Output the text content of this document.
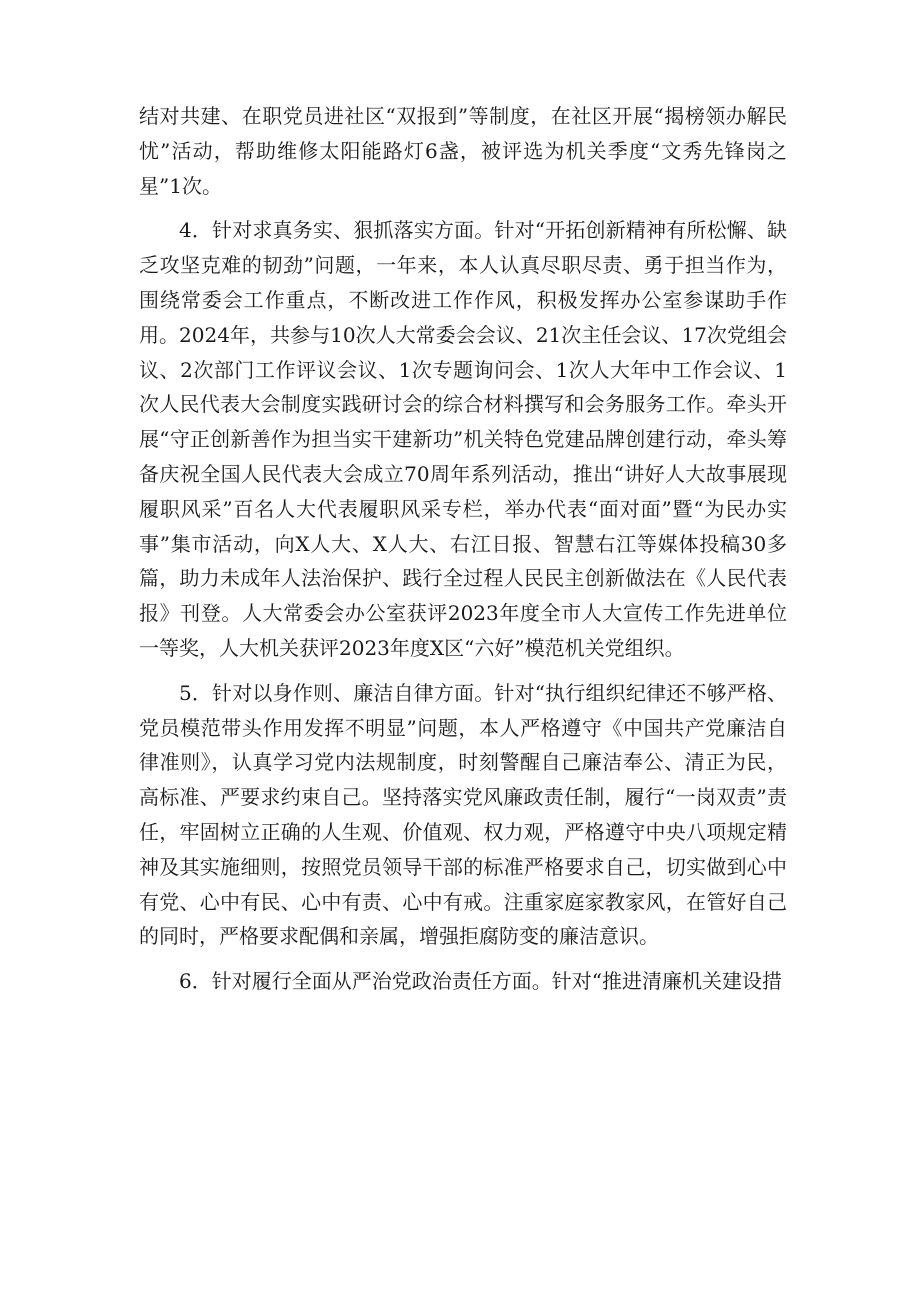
结对共建、在职党员进社区“双报到”等制度，在社区开展“揭榜领办解民忧”活动，帮助维修太阳能路灯6盏，被评选为机关季度“文秀先锋岗之星”1次。

4．针对求真务实、狠抓落实方面。针对“开拓创新精神有所松懈、缺乏攻坚克难的韧劲”问题，一年来，本人认真尽职尽责、勇于担当作为，围绕常委会工作重点，不断改进工作作风，积极发挥办公室参谋助手作用。2024年，共参与10次人大常委会会议、21次主任会议、17次党组会议、2次部门工作评议会议、1次专题询问会、1次人大年中工作会议、1次人民代表大会制度实践研讨会的综合材料撰写和会务服务工作。牵头开展“守正创新善作为担当实干建新功”机关特色党建品牌创建行动，牵头筹备庆祝全国人民代表大会成立70周年系列活动，推出“讲好人大故事展现履职风采”百名人大代表履职风采专栏，举办代表“面对面”暨“为民办实事”集市活动，向X人大、X人大、右江日报、智慧右江等媒体投稿30多篇，助力未成年人法治保护、践行全过程人民民主创新做法在《人民代表报》刊登。人大常委会办公室获评2023年度全市人大宣传工作先进单位一等奖，人大机关获评2023年度X区“六好”模范机关党组织。

5．针对以身作则、廉洁自律方面。针对“执行组织纪律还不够严格、党员模范带头作用发挥不明显”问题，本人严格遵守《中国共产党廉洁自律准则》，认真学习党内法规制度，时刻警醒自己廉洁奉公、清正为民，高标准、严要求约束自己。坚持落实党风廉政责任制，履行“一岗双责”责任，牢固树立正确的人生观、价值观、权力观，严格遵守中央八项规定精神及其实施细则，按照党员领导干部的标准严格要求自己，切实做到心中有党、心中有民、心中有责、心中有戒。注重家庭家教家风，在管好自己的同时，严格要求配偶和亲属，增强拒腐防变的廉洁意识。

6．针对履行全面从严治党政治责任方面。针对“推进清廉机关建设措
